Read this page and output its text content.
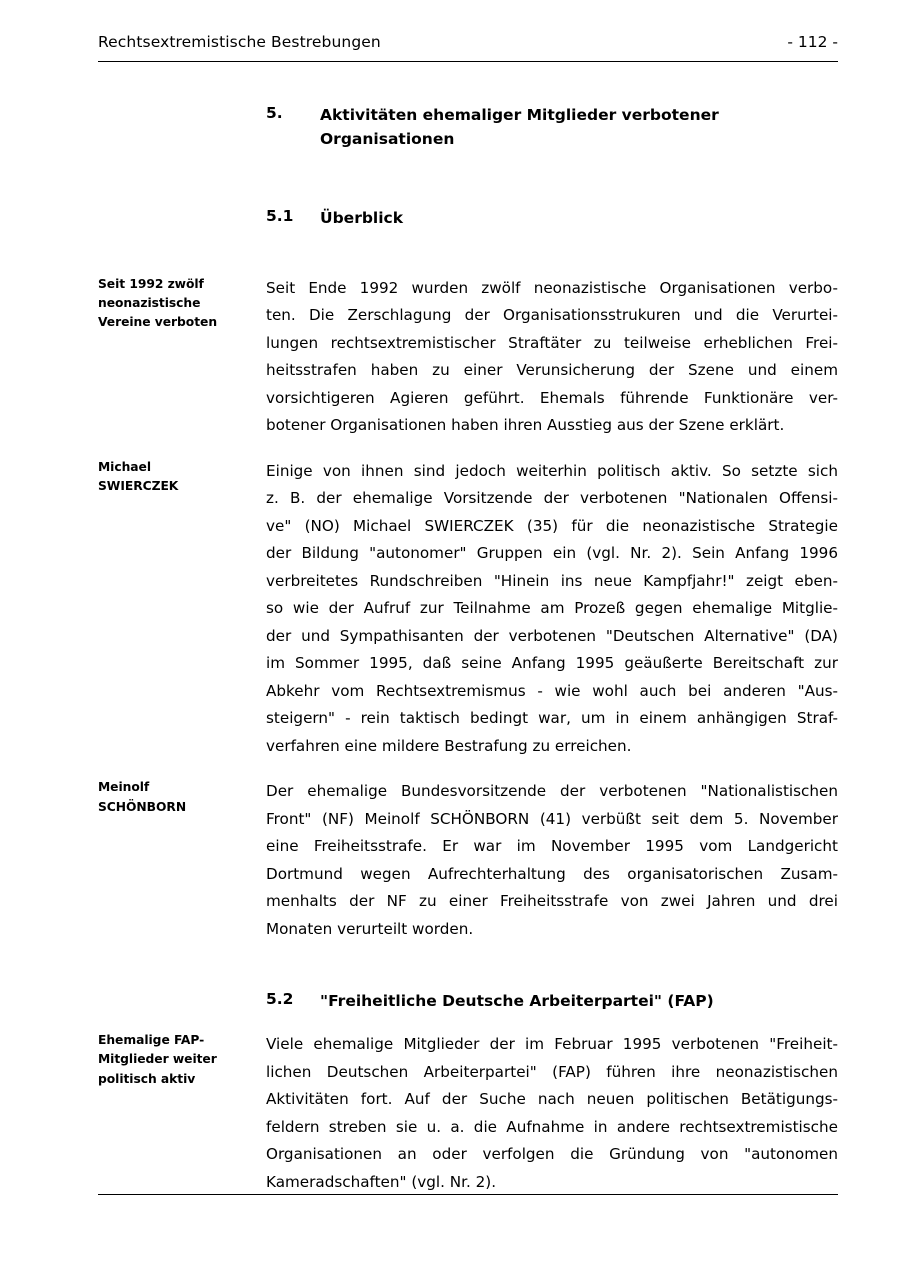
Rechtsextremistische Bestrebungen	- 112 -
5.	Aktivitäten ehemaliger Mitglieder verbotener
Organisationen
5.1	Überblick
Seit 1992 zwölf
neonazistische
Vereine verboten

Seit Ende 1992 wurden zwölf neonazistische Organisationen verbo-
ten. Die Zerschlagung der Organisationsstrukuren und die Verurtei-
lungen rechtsextremistischer Straftäter zu teilweise erheblichen Frei-
heitsstrafen haben zu einer Verunsicherung der Szene und einem
vorsichtigeren Agieren geführt. Ehemals führende Funktionäre ver-
botener Organisationen haben ihren Ausstieg aus der Szene erklärt.

Michael
SWIERCZEK

Einige von ihnen sind jedoch weiterhin politisch aktiv. So setzte sich
z. B. der ehemalige Vorsitzende der verbotenen "Nationalen Offensi-
ve" (NO) Michael SWIERCZEK (35) für die neonazistische Strategie
der Bildung "autonomer" Gruppen ein (vgl. Nr. 2). Sein Anfang 1996
verbreitetes Rundschreiben "Hinein ins neue Kampfjahr!" zeigt eben-
so wie der Aufruf zur Teilnahme am Prozeß gegen ehemalige Mitglie-
der und Sympathisanten der verbotenen "Deutschen Alternative" (DA)
im Sommer 1995, daß seine Anfang 1995 geäußerte Bereitschaft zur
Abkehr vom Rechtsextremismus - wie wohl auch bei anderen "Aus-
steigern" - rein taktisch bedingt war, um in einem anhängigen Straf-
verfahren eine mildere Bestrafung zu erreichen.

Meinolf
SCHÖNBORN

Der ehemalige Bundesvorsitzende der verbotenen "Nationalistischen
Front" (NF) Meinolf SCHÖNBORN (41) verbüßt seit dem 5. November
eine Freiheitsstrafe. Er war im November 1995 vom Landgericht
Dortmund wegen Aufrechterhaltung des organisatorischen Zusam-
menhalts der NF zu einer Freiheitsstrafe von zwei Jahren und drei
Monaten verurteilt worden.

5.2	"Freiheitliche Deutsche Arbeiterpartei" (FAP)
Ehemalige FAP-
Mitglieder weiter
politisch aktiv

Viele ehemalige Mitglieder der im Februar 1995 verbotenen "Freiheit-
lichen Deutschen Arbeiterpartei" (FAP) führen ihre neonazistischen
Aktivitäten fort. Auf der Suche nach neuen politischen Betätigungs-
feldern streben sie u. a. die Aufnahme in andere rechtsextremistische
Organisationen an oder verfolgen die Gründung von "autonomen
Kameradschaften" (vgl. Nr. 2).
